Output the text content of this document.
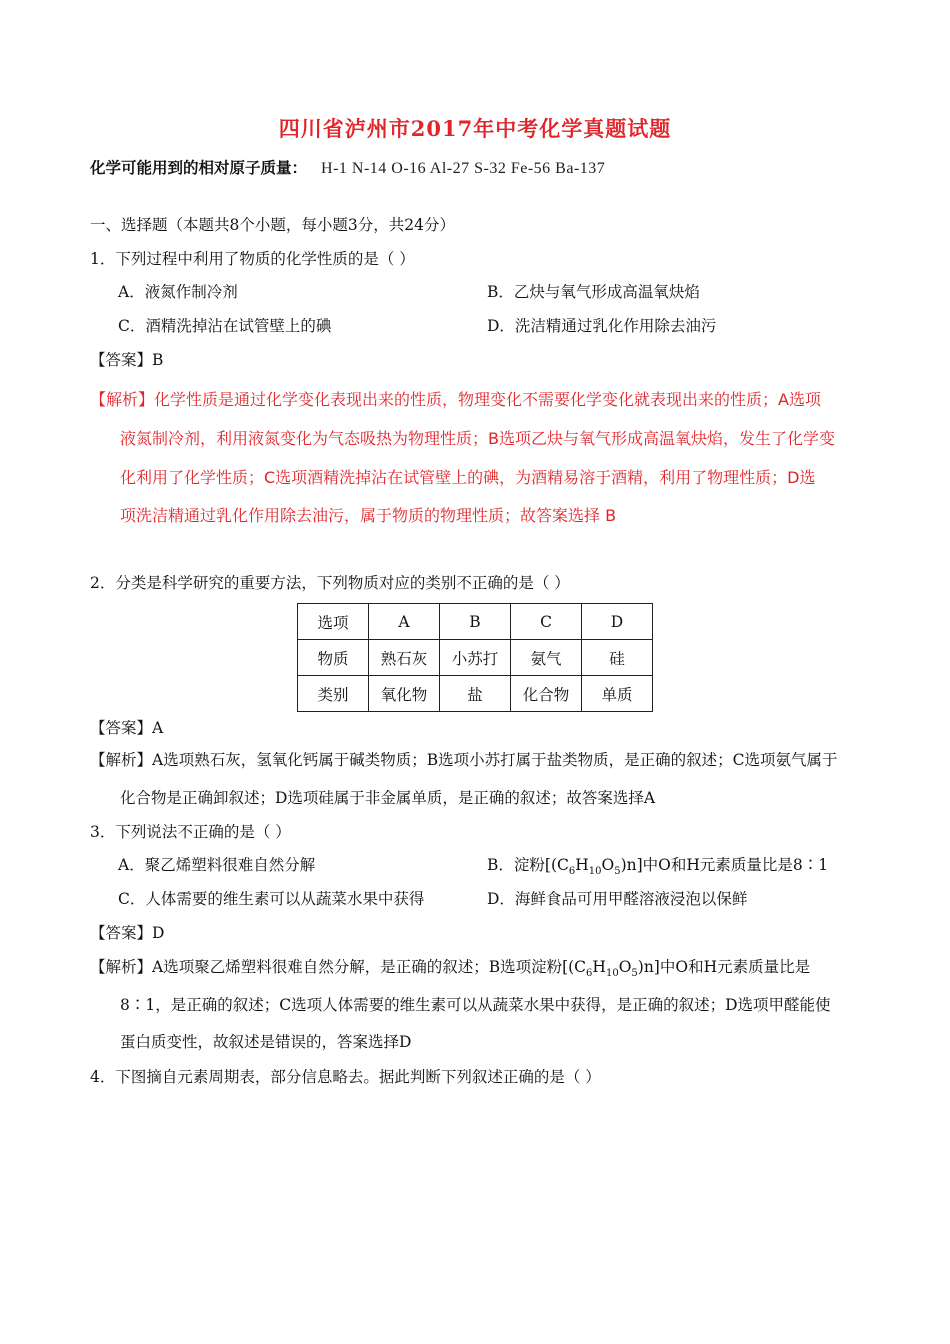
四川省泸州市2017年中考化学真题试题
化学可能用到的相对原子质量： H-1 N-14 O-16 Al-27 S-32 Fe-56 Ba-137
一、选择题（本题共8个小题，每小题3分，共24分）
1．下列过程中利用了物质的化学性质的是（ ）
A．液氮作制冷剂	B．乙炔与氧气形成高温氧炔焰
C．酒精洗掉沾在试管壁上的碘	D．洗洁精通过乳化作用除去油污
【答案】B
【解析】化学性质是通过化学变化表现出来的性质，物理变化不需要化学变化就表现出来的性质；A选项
液氮制冷剂，利用液氮变化为气态吸热为物理性质；B选项乙炔与氧气形成高温氧炔焰，发生了化学变
化利用了化学性质；C选项酒精洗掉沾在试管壁上的碘，为酒精易溶于酒精，利用了物理性质；D选
项洗洁精通过乳化作用除去油污，属于物质的物理性质；故答案选择 B
2．分类是科学研究的重要方法，下列物质对应的类别不正确的是（ ）
选项	A	B	C	D
物质	熟石灰	小苏打	氨气	硅
类别	氧化物	盐	化合物	单质
【答案】A
【解析】A选项熟石灰，氢氧化钙属于碱类物质；B选项小苏打属于盐类物质，是正确的叙述；C选项氨气属于
化合物是正确卸叙述；D选项硅属于非金属单质，是正确的叙述；故答案选择A
3．下列说法不正确的是（ ）
A．聚乙烯塑料很难自然分解	B．淀粉$[(C_6H_{10}O_5)n]$中O和H元素质量比是8∶1
C．人体需要的维生素可以从蔬菜水果中获得	D．海鲜食品可用甲醛溶液浸泡以保鲜
【答案】D
【解析】A选项聚乙烯塑料很难自然分解，是正确的叙述；B选项淀粉$[(C_6H_{10}O_5)n]$中O和H元素质量比是
8∶1，是正确的叙述；C选项人体需要的维生素可以从蔬菜水果中获得，是正确的叙述；D选项甲醛能使
蛋白质变性，故叙述是错误的，答案选择D
4．下图摘自元素周期表，部分信息略去。据此判断下列叙述正确的是（ ）
